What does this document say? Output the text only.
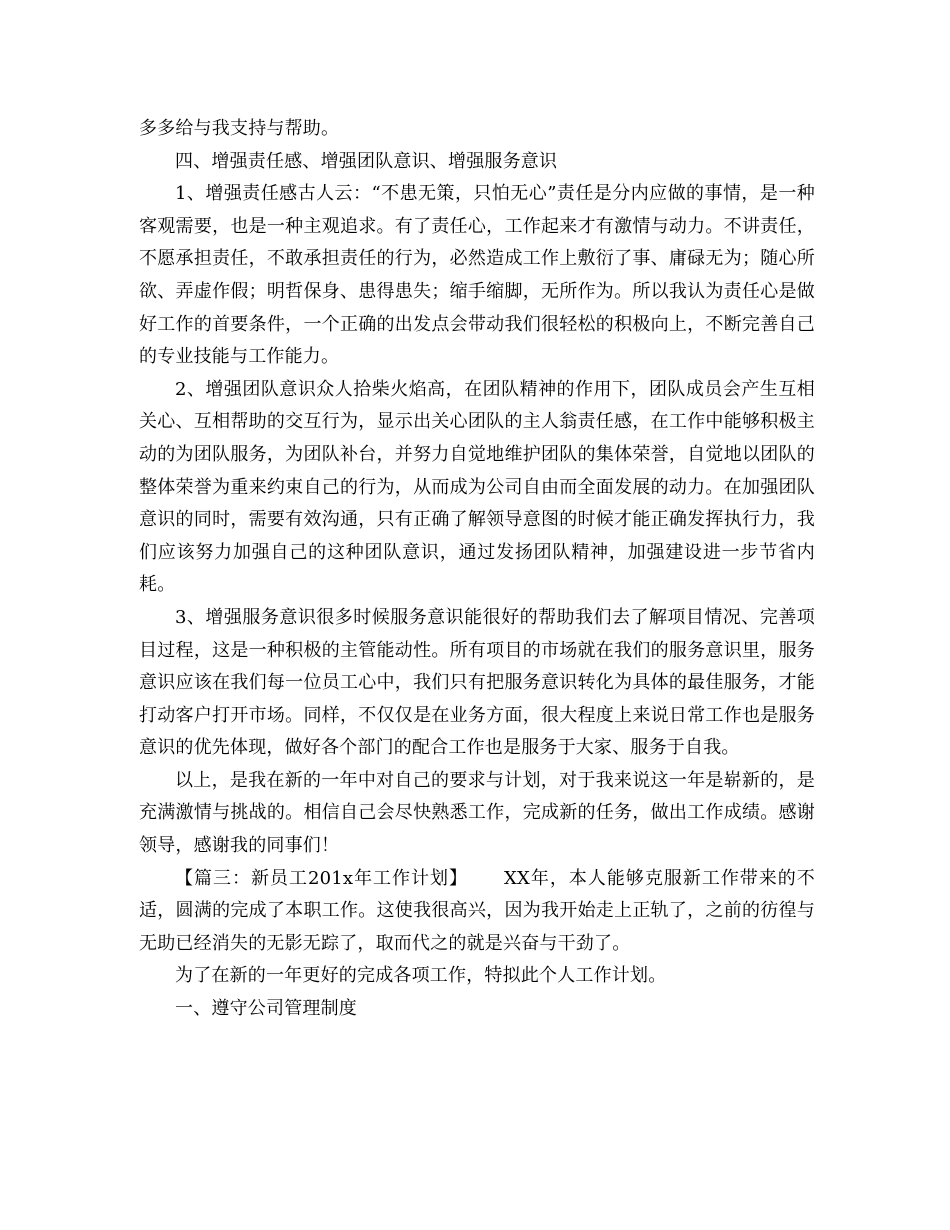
多多给与我支持与帮助。

四、增强责任感、增强团队意识、增强服务意识

1、增强责任感古人云：“不患无策，只怕无心”责任是分内应做的事情，是一种客观需要，也是一种主观追求。有了责任心，工作起来才有激情与动力。不讲责任，不愿承担责任，不敢承担责任的行为，必然造成工作上敷衍了事、庸碌无为；随心所欲、弄虚作假；明哲保身、患得患失；缩手缩脚，无所作为。所以我认为责任心是做好工作的首要条件，一个正确的出发点会带动我们很轻松的积极向上，不断完善自己的专业技能与工作能力。

2、增强团队意识众人拾柴火焰高，在团队精神的作用下，团队成员会产生互相关心、互相帮助的交互行为，显示出关心团队的主人翁责任感，在工作中能够积极主动的为团队服务，为团队补台，并努力自觉地维护团队的集体荣誉，自觉地以团队的整体荣誉为重来约束自己的行为，从而成为公司自由而全面发展的动力。在加强团队意识的同时，需要有效沟通，只有正确了解领导意图的时候才能正确发挥执行力，我们应该努力加强自己的这种团队意识，通过发扬团队精神，加强建设进一步节省内耗。

3、增强服务意识很多时候服务意识能很好的帮助我们去了解项目情况、完善项目过程，这是一种积极的主管能动性。所有项目的市场就在我们的服务意识里，服务意识应该在我们每一位员工心中，我们只有把服务意识转化为具体的最佳服务，才能打动客户打开市场。同样，不仅仅是在业务方面，很大程度上来说日常工作也是服务意识的优先体现，做好各个部门的配合工作也是服务于大家、服务于自我。

以上，是我在新的一年中对自己的要求与计划，对于我来说这一年是崭新的，是充满激情与挑战的。相信自己会尽快熟悉工作，完成新的任务，做出工作成绩。感谢领导，感谢我的同事们！

【篇三：新员工201x年工作计划】 XX年，本人能够克服新工作带来的不适，圆满的完成了本职工作。这使我很高兴，因为我开始走上正轨了，之前的彷徨与无助已经消失的无影无踪了，取而代之的就是兴奋与干劲了。

为了在新的一年更好的完成各项工作，特拟此个人工作计划。

一、遵守公司管理制度
